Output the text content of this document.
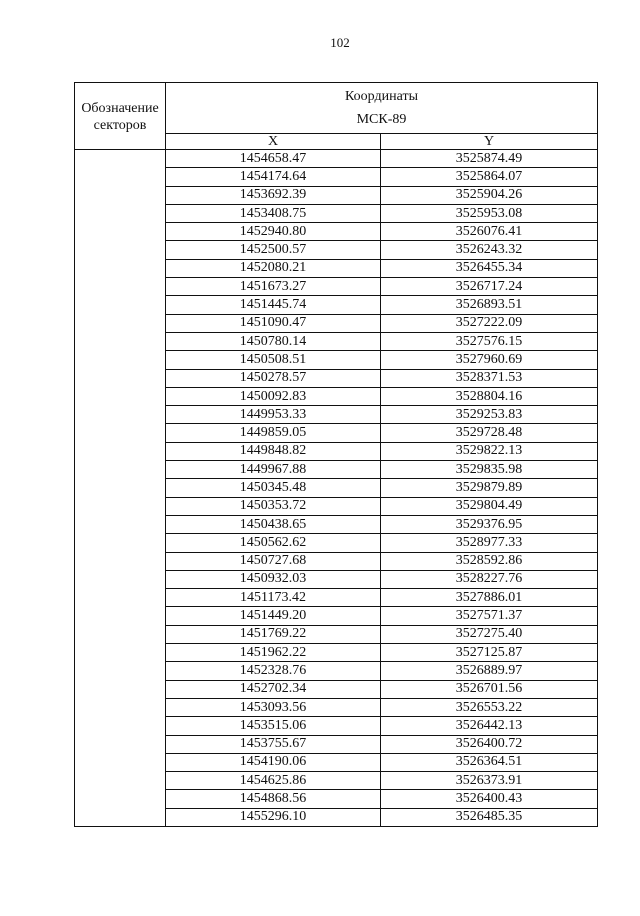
102
Обозначение секторов	Координаты
МСК-89	

	X	Y
	1454658.47	3525874.49
	1454174.64	3525864.07
	1453692.39	3525904.26
	1453408.75	3525953.08
	1452940.80	3526076.41
	1452500.57	3526243.32
	1452080.21	3526455.34
	1451673.27	3526717.24
	1451445.74	3526893.51
	1451090.47	3527222.09
	1450780.14	3527576.15
	1450508.51	3527960.69
	1450278.57	3528371.53
	1450092.83	3528804.16
	1449953.33	3529253.83
	1449859.05	3529728.48
	1449848.82	3529822.13
	1449967.88	3529835.98
	1450345.48	3529879.89
	1450353.72	3529804.49
	1450438.65	3529376.95
	1450562.62	3528977.33
	1450727.68	3528592.86
	1450932.03	3528227.76
	1451173.42	3527886.01
	1451449.20	3527571.37
	1451769.22	3527275.40
	1451962.22	3527125.87
	1452328.76	3526889.97
	1452702.34	3526701.56
	1453093.56	3526553.22
	1453515.06	3526442.13
	1453755.67	3526400.72
	1454190.06	3526364.51
	1454625.86	3526373.91
	1454868.56	3526400.43
	1455296.10	3526485.35
